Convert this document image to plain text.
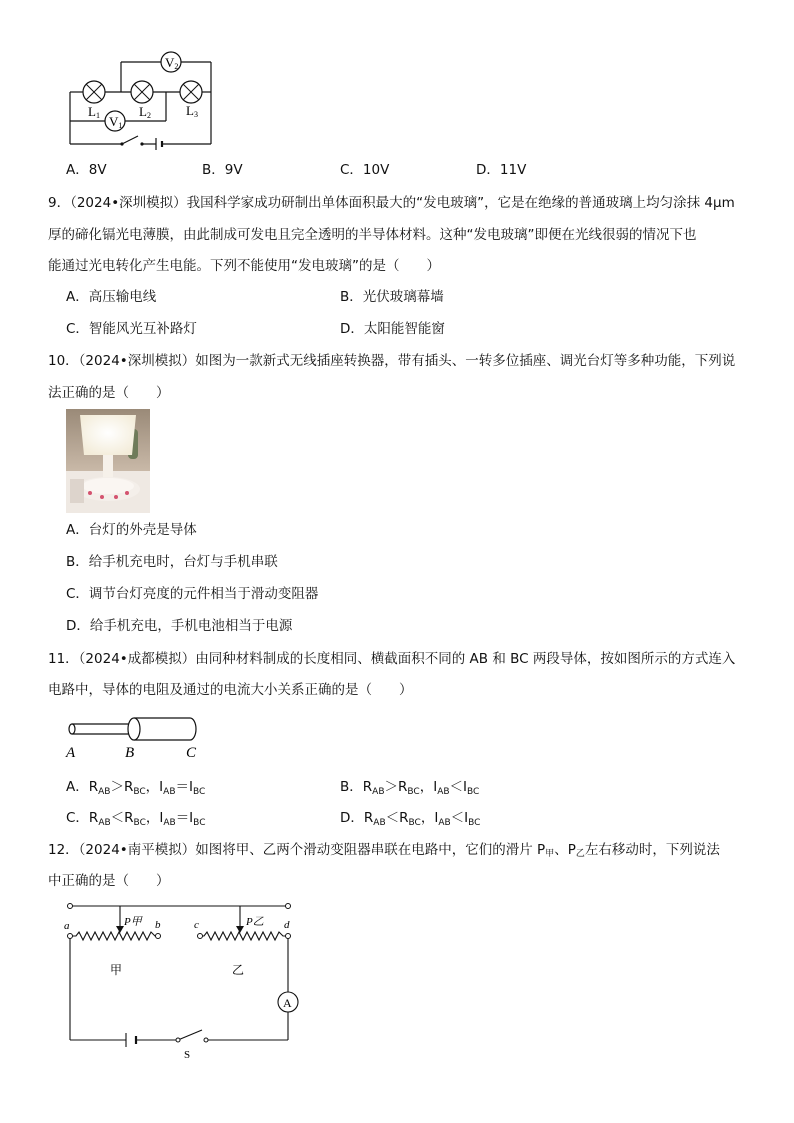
V2
V1
L1	L2	L3
A．8V	B．9V	C．10V	D．11V
9．（2024•深圳模拟）我国科学家成功研制出单体面积最大的“发电玻璃”，它是在绝缘的普通玻璃上均匀涂抹 4μm
厚的碲化镉光电薄膜，由此制成可发电且完全透明的半导体材料。这种“发电玻璃”即便在光线很弱的情况下也
能通过光电转化产生电能。下列不能使用“发电玻璃”的是（　　）
A．高压输电线	B．光伏玻璃幕墙
C．智能风光互补路灯	D．太阳能智能窗
10．（2024•深圳模拟）如图为一款新式无线插座转换器，带有插头、一转多位插座、调光台灯等多种功能，下列说
法正确的是（　　）
A．台灯的外壳是导体
B．给手机充电时，台灯与手机串联
C．调节台灯亮度的元件相当于滑动变阻器
D．给手机充电，手机电池相当于电源
11．（2024•成都模拟）由同种材料制成的长度相同、横截面积不同的 AB 和 BC 两段导体，按如图所示的方式连入
电路中，导体的电阻及通过的电流大小关系正确的是（　　）
A	B	C
A．$R_{AB}>R_{BC}$，$I_{AB}=I_{BC}$	B．$R_{AB}>R_{BC}$，$I_{AB}<I_{BC}$
C．$R_{AB}<R_{BC}$，$I_{AB}=I_{BC}$	D．$R_{AB}<R_{BC}$，$I_{AB}<I_{BC}$
12．（2024•南平模拟）如图将甲、乙两个滑动变阻器串联在电路中，它们的滑片 P甲、P乙左右移动时，下列说法
中正确的是（　　）
A
a	b	c	d
P甲	P乙
甲	乙
S
